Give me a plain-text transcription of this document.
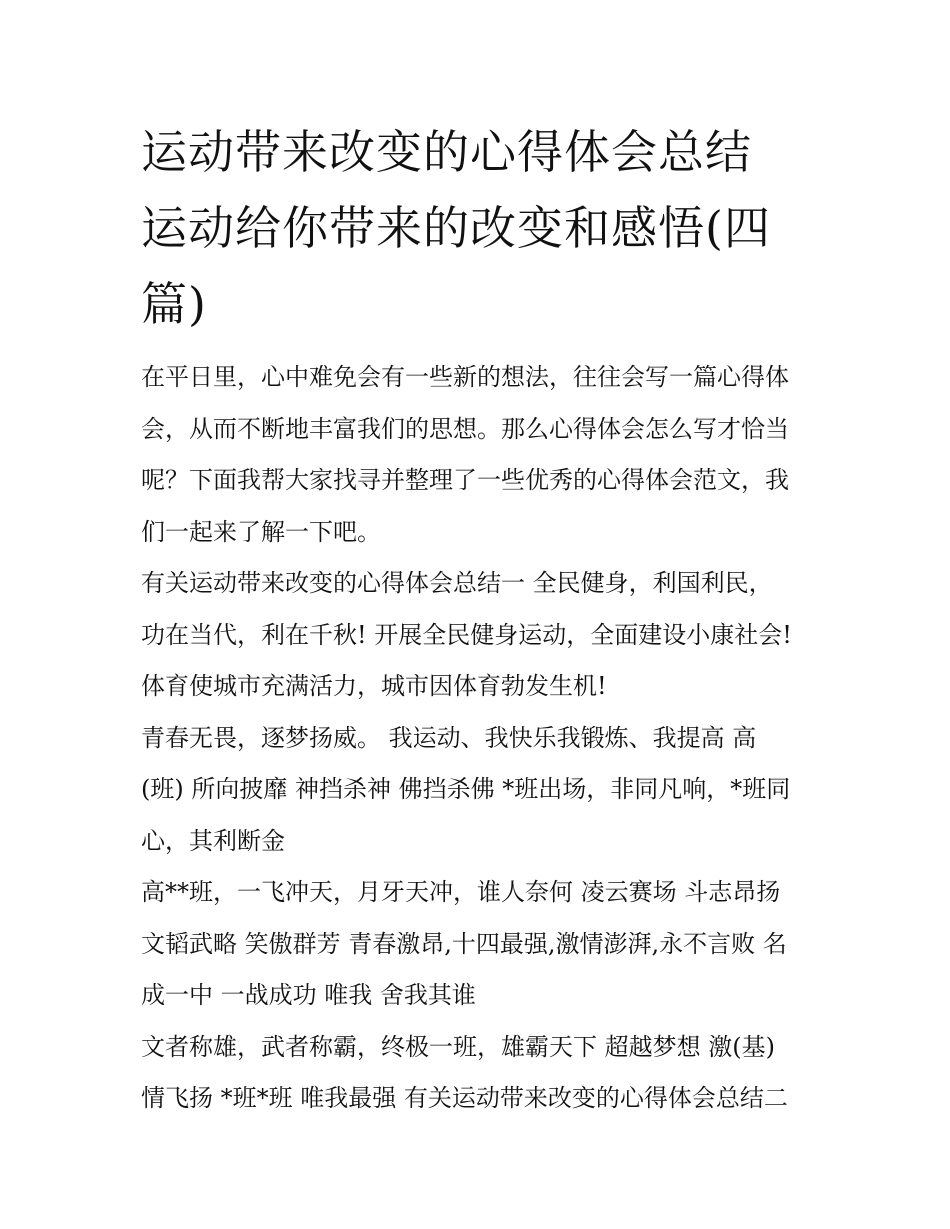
运动带来改变的心得体会总结
运动给你带来的改变和感悟(四
篇)

在平日里，心中难免会有一些新的想法，往往会写一篇心得体
会，从而不断地丰富我们的思想。那么心得体会怎么写才恰当
呢？下面我帮大家找寻并整理了一些优秀的心得体会范文，我
们一起来了解一下吧。

有关运动带来改变的心得体会总结一 全民健身，利国利民，
功在当代，利在千秋! 开展全民健身运动，全面建设小康社会!
体育使城市充满活力，城市因体育勃发生机!

青春无畏，逐梦扬威。 我运动、我快乐我锻炼、我提高 高
(班) 所向披靡 神挡杀神 佛挡杀佛 *班出场，非同凡响，*班同
心，其利断金

高**班，一飞冲天，月牙天冲，谁人奈何 凌云赛场 斗志昂扬
文韬武略 笑傲群芳 青春激昂,十四最强,激情澎湃,永不言败 名
成一中 一战成功 唯我 舍我其谁

文者称雄，武者称霸，终极一班，雄霸天下 超越梦想 激(基)
情飞扬 *班*班 唯我最强 有关运动带来改变的心得体会总结二
